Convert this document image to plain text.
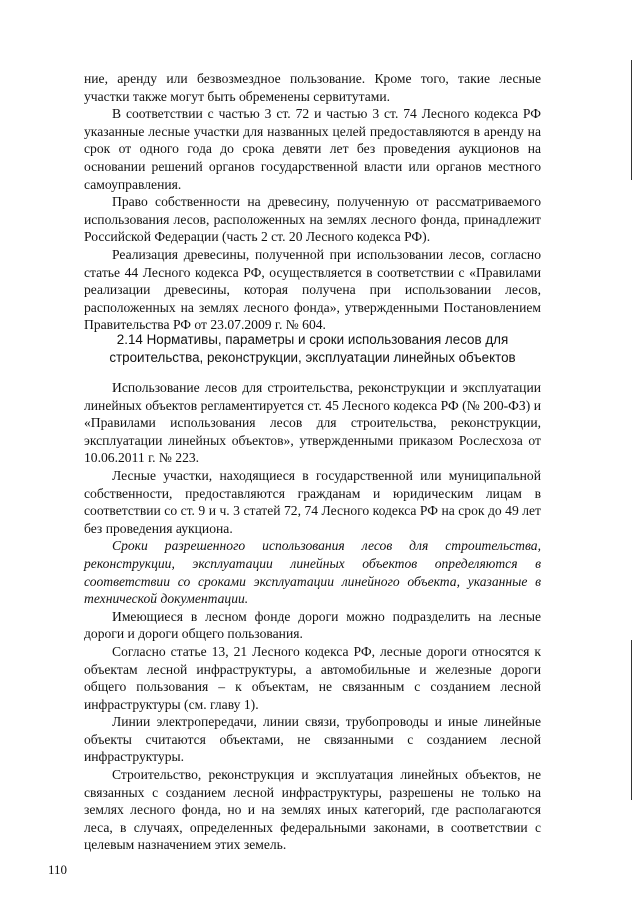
ние, аренду или безвозмездное пользование. Кроме того, такие лесные участки также могут быть обременены сервитутами.

В соответствии с частью 3 ст. 72 и частью 3 ст. 74 Лесного кодекса РФ указанные лесные участки для названных целей предоставляются в аренду на срок от одного года до срока девяти лет без проведения аукционов на основании решений органов государственной власти или органов местного самоуправления.

Право собственности на древесину, полученную от рассматриваемого использования лесов, расположенных на землях лесного фонда, принадлежит Российской Федерации (часть 2 ст. 20 Лесного кодекса РФ).

Реализация древесины, полученной при использовании лесов, согласно статье 44 Лесного кодекса РФ, осуществляется в соответствии с «Правилами реализации древесины, которая получена при использовании лесов, расположенных на землях лесного фонда», утвержденными Постановлением Правительства РФ от 23.07.2009 г. № 604.

2.14 Нормативы, параметры и сроки использования лесов для
строительства, реконструкции, эксплуатации линейных объектов

Использование лесов для строительства, реконструкции и эксплуатации линейных объектов регламентируется ст. 45 Лесного кодекса РФ (№ 200-ФЗ) и «Правилами использования лесов для строительства, реконструкции, эксплуатации линейных объектов», утвержденными приказом Рослесхоза от 10.06.2011 г. № 223.

Лесные участки, находящиеся в государственной или муниципальной собственности, предоставляются гражданам и юридическим лицам в соответствии со ст. 9 и ч. 3 статей 72, 74 Лесного кодекса РФ на срок до 49 лет без проведения аукциона.

Сроки разрешенного использования лесов для строительства, реконструкции, эксплуатации линейных объектов определяются в соответствии со сроками эксплуатации линейного объекта, указанные в технической документации.

Имеющиеся в лесном фонде дороги можно подразделить на лесные дороги и дороги общего пользования.

Согласно статье 13, 21 Лесного кодекса РФ, лесные дороги относятся к объектам лесной инфраструктуры, а автомобильные и железные дороги общего пользования – к объектам, не связанным с созданием лесной инфраструктуры (см. главу 1).

Линии электропередачи, линии связи, трубопроводы и иные линейные объекты считаются объектами, не связанными с созданием лесной инфраструктуры.

Строительство, реконструкция и эксплуатация линейных объектов, не связанных с созданием лесной инфраструктуры, разрешены не только на землях лесного фонда, но и на землях иных категорий, где располагаются леса, в случаях, определенных федеральными законами, в соответствии с целевым назначением этих земель.

110
